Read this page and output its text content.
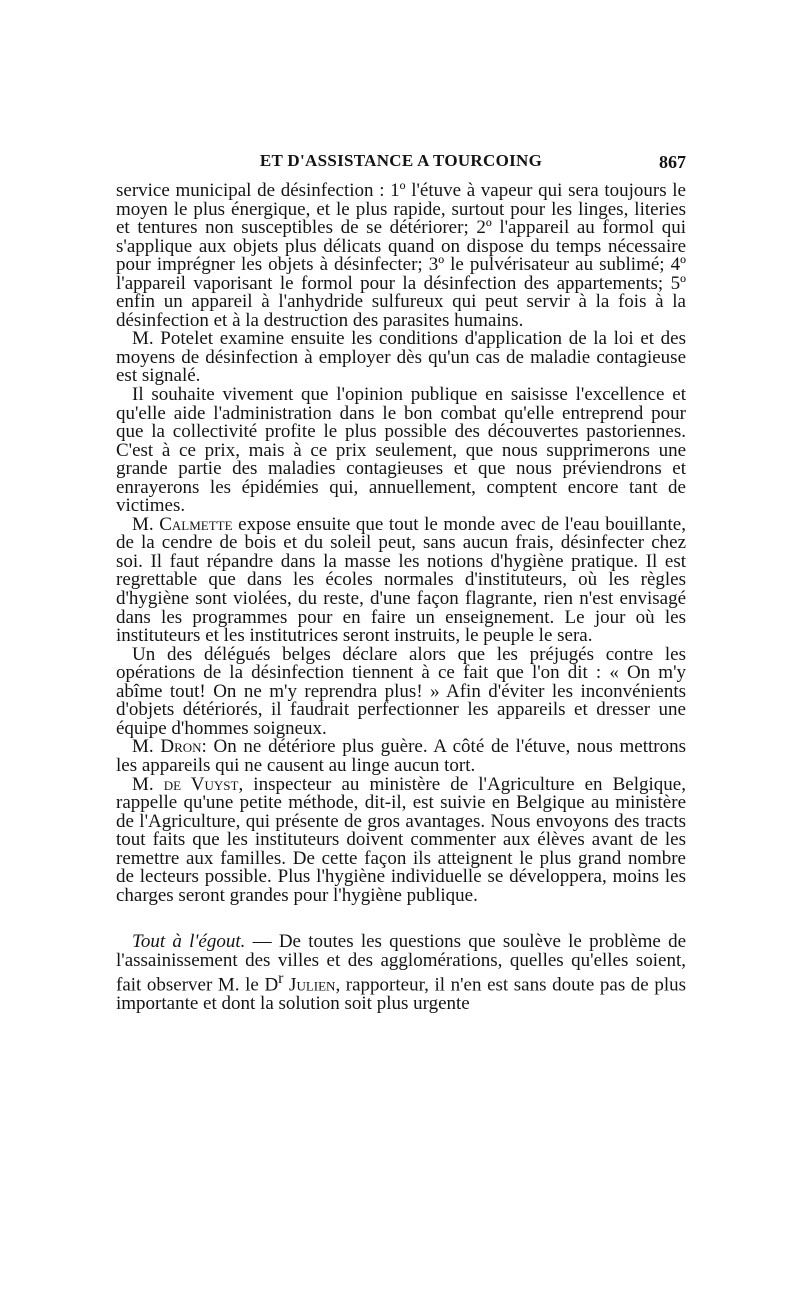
ET D'ASSISTANCE A TOURCOING	867

service municipal de désinfection : 1º l'étuve à vapeur qui sera toujours le moyen le plus énergique, et le plus rapide, surtout pour les linges, literies et tentures non susceptibles de se détériorer; 2º l'appareil au formol qui s'applique aux objets plus délicats quand on dispose du temps nécessaire pour imprégner les objets à désinfecter; 3º le pulvérisateur au sublimé; 4º l'appareil vaporisant le formol pour la désinfection des appartements; 5º enfin un appareil à l'anhydride sulfureux qui peut servir à la fois à la désinfection et à la destruction des parasites humains.

M. Potelet examine ensuite les conditions d'application de la loi et des moyens de désinfection à employer dès qu'un cas de maladie contagieuse est signalé.

Il souhaite vivement que l'opinion publique en saisisse l'excellence et qu'elle aide l'administration dans le bon combat qu'elle entreprend pour que la collectivité profite le plus possible des découvertes pastoriennes. C'est à ce prix, mais à ce prix seulement, que nous supprimerons une grande partie des maladies contagieuses et que nous préviendrons et enrayerons les épidémies qui, annuellement, comptent encore tant de victimes.

M. Calmette expose ensuite que tout le monde avec de l'eau bouillante, de la cendre de bois et du soleil peut, sans aucun frais, désinfecter chez soi. Il faut répandre dans la masse les notions d'hygiène pratique. Il est regrettable que dans les écoles normales d'instituteurs, où les règles d'hygiène sont violées, du reste, d'une façon flagrante, rien n'est envisagé dans les programmes pour en faire un enseignement. Le jour où les instituteurs et les institutrices seront instruits, le peuple le sera.

Un des délégués belges déclare alors que les préjugés contre les opérations de la désinfection tiennent à ce fait que l'on dit : « On m'y abîme tout! On ne m'y reprendra plus! » Afin d'éviter les inconvénients d'objets détériorés, il faudrait perfectionner les appareils et dresser une équipe d'hommes soigneux.

M. Dron: On ne détériore plus guère. A côté de l'étuve, nous mettrons les appareils qui ne causent au linge aucun tort.

M. de Vuyst, inspecteur au ministère de l'Agriculture en Belgique, rappelle qu'une petite méthode, dit-il, est suivie en Belgique au ministère de l'Agriculture, qui présente de gros avantages. Nous envoyons des tracts tout faits que les instituteurs doivent commenter aux élèves avant de les remettre aux familles. De cette façon ils atteignent le plus grand nombre de lecteurs possible. Plus l'hygiène individuelle se développera, moins les charges seront grandes pour l'hygiène publique.

Tout à l'égout. — De toutes les questions que soulève le problème de l'assainissement des villes et des agglomérations, quelles qu'elles soient, fait observer M. le $D^r$ Julien, rapporteur, il n'en est sans doute pas de plus importante et dont la solution soit plus urgente
